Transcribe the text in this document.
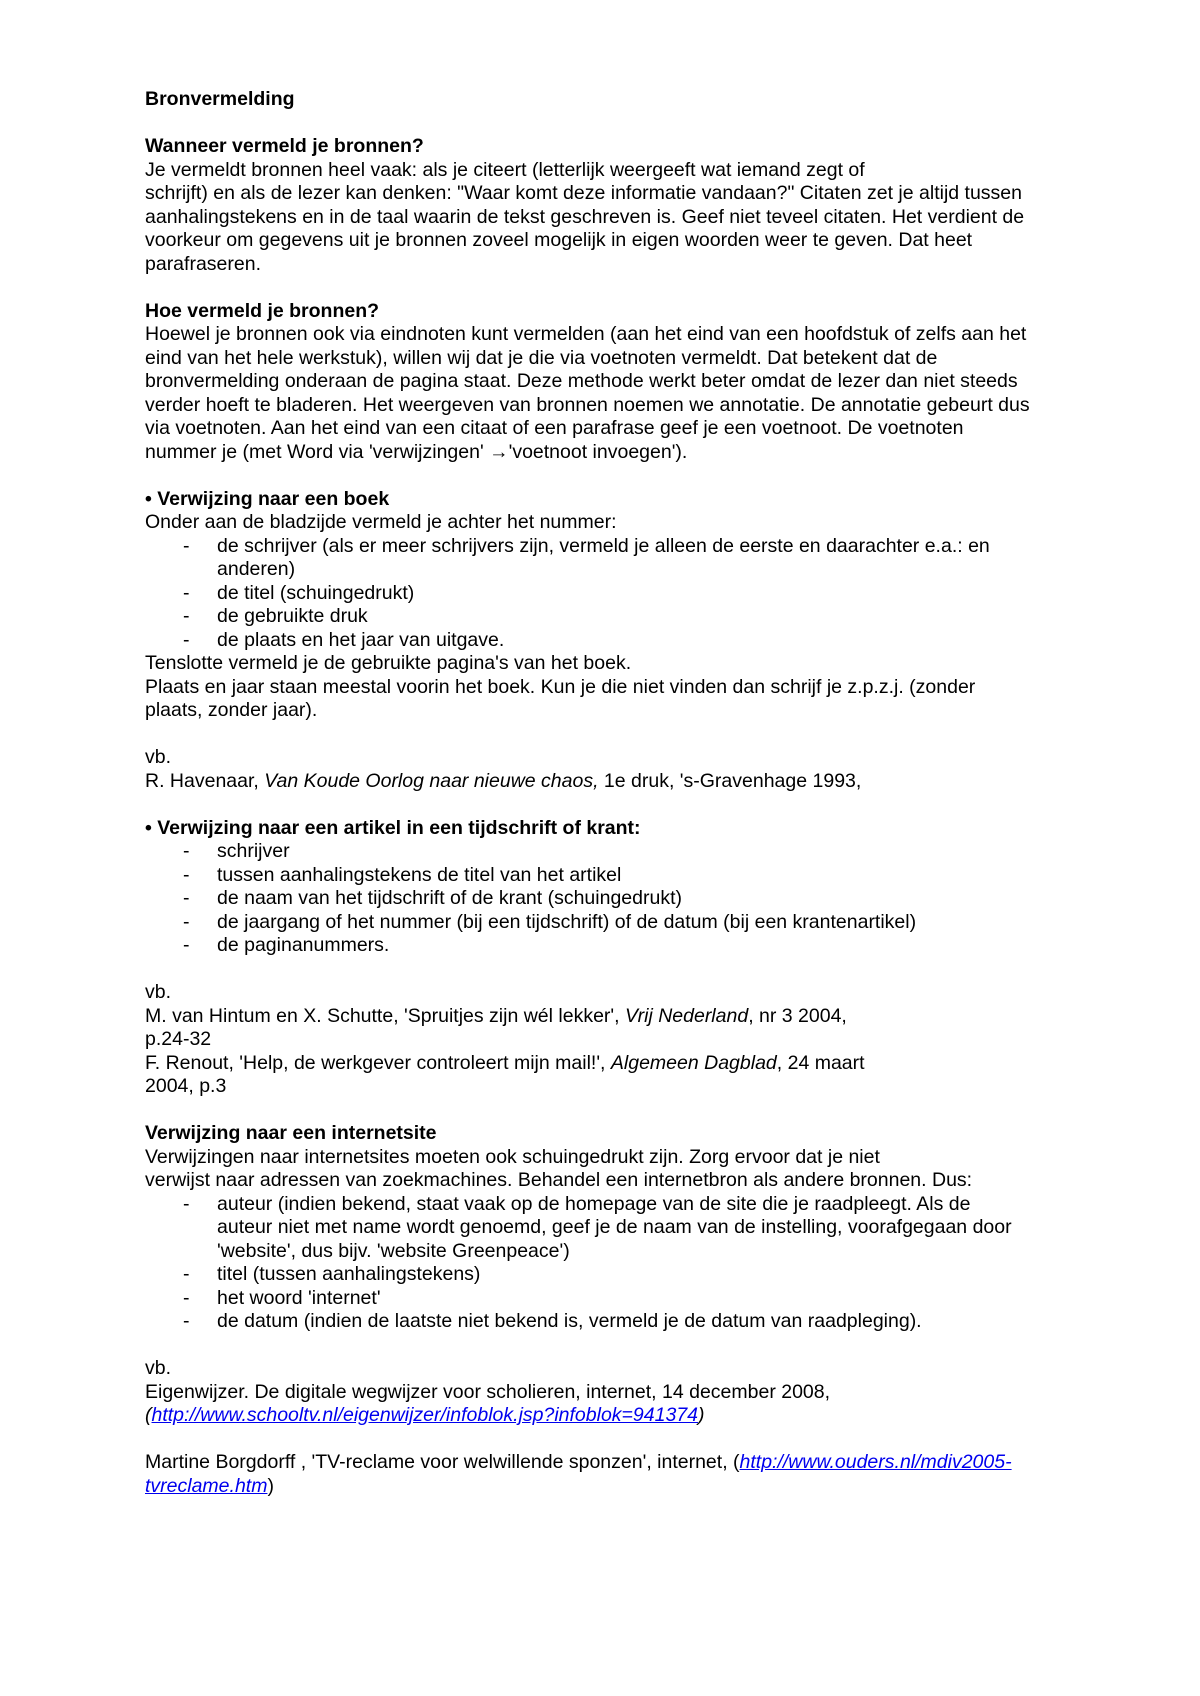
Bronvermelding
Wanneer vermeld je bronnen?
Je vermeldt bronnen heel vaak: als je citeert (letterlijk weergeeft wat iemand zegt of
schrijft) en als de lezer kan denken: "Waar komt deze informatie vandaan?" Citaten zet je altijd tussen
aanhalingstekens en in de taal waarin de tekst geschreven is. Geef niet teveel citaten. Het verdient de
voorkeur om gegevens uit je bronnen zoveel mogelijk in eigen woorden weer te geven. Dat heet
parafraseren.
Hoe vermeld je bronnen?
Hoewel je bronnen ook via eindnoten kunt vermelden (aan het eind van een hoofdstuk of zelfs aan het
eind van het hele werkstuk), willen wij dat je die via voetnoten vermeldt. Dat betekent dat de
bronvermelding onderaan de pagina staat. Deze methode werkt beter omdat de lezer dan niet steeds
verder hoeft te bladeren. Het weergeven van bronnen noemen we annotatie. De annotatie gebeurt dus
via voetnoten. Aan het eind van een citaat of een parafrase geef je een voetnoot. De voetnoten
nummer je (met Word via 'verwijzingen' →'voetnoot invoegen').
• Verwijzing naar een boek
Onder aan de bladzijde vermeld je achter het nummer:
- de schrijver (als er meer schrijvers zijn, vermeld je alleen de eerste en daarachter e.a.: en
anderen)
- de titel (schuingedrukt)
- de gebruikte druk
- de plaats en het jaar van uitgave.
Tenslotte vermeld je de gebruikte pagina's van het boek.
Plaats en jaar staan meestal voorin het boek. Kun je die niet vinden dan schrijf je z.p.z.j. (zonder
plaats, zonder jaar).
vb.
R. Havenaar, Van Koude Oorlog naar nieuwe chaos, 1e druk, 's-Gravenhage 1993,
• Verwijzing naar een artikel in een tijdschrift of krant:
- schrijver
- tussen aanhalingstekens de titel van het artikel
- de naam van het tijdschrift of de krant (schuingedrukt)
- de jaargang of het nummer (bij een tijdschrift) of de datum (bij een krantenartikel)
- de paginanummers.
vb.
M. van Hintum en X. Schutte, 'Spruitjes zijn wél lekker', Vrij Nederland, nr 3 2004,
p.24-32
F. Renout, 'Help, de werkgever controleert mijn mail!', Algemeen Dagblad, 24 maart
2004, p.3
Verwijzing naar een internetsite
Verwijzingen naar internetsites moeten ook schuingedrukt zijn. Zorg ervoor dat je niet
verwijst naar adressen van zoekmachines. Behandel een internetbron als andere bronnen. Dus:
- auteur (indien bekend, staat vaak op de homepage van de site die je raadpleegt. Als de
auteur niet met name wordt genoemd, geef je de naam van de instelling, voorafgegaan door
'website', dus bijv. 'website Greenpeace')
- titel (tussen aanhalingstekens)
- het woord 'internet'
- de datum (indien de laatste niet bekend is, vermeld je de datum van raadpleging).
vb.
Eigenwijzer. De digitale wegwijzer voor scholieren, internet, 14 december 2008,
(http://www.schooltv.nl/eigenwijzer/infoblok.jsp?infoblok=941374)
Martine Borgdorff , 'TV-reclame voor welwillende sponzen', internet, (http://www.ouders.nl/mdiv2005-
tvreclame.htm)
